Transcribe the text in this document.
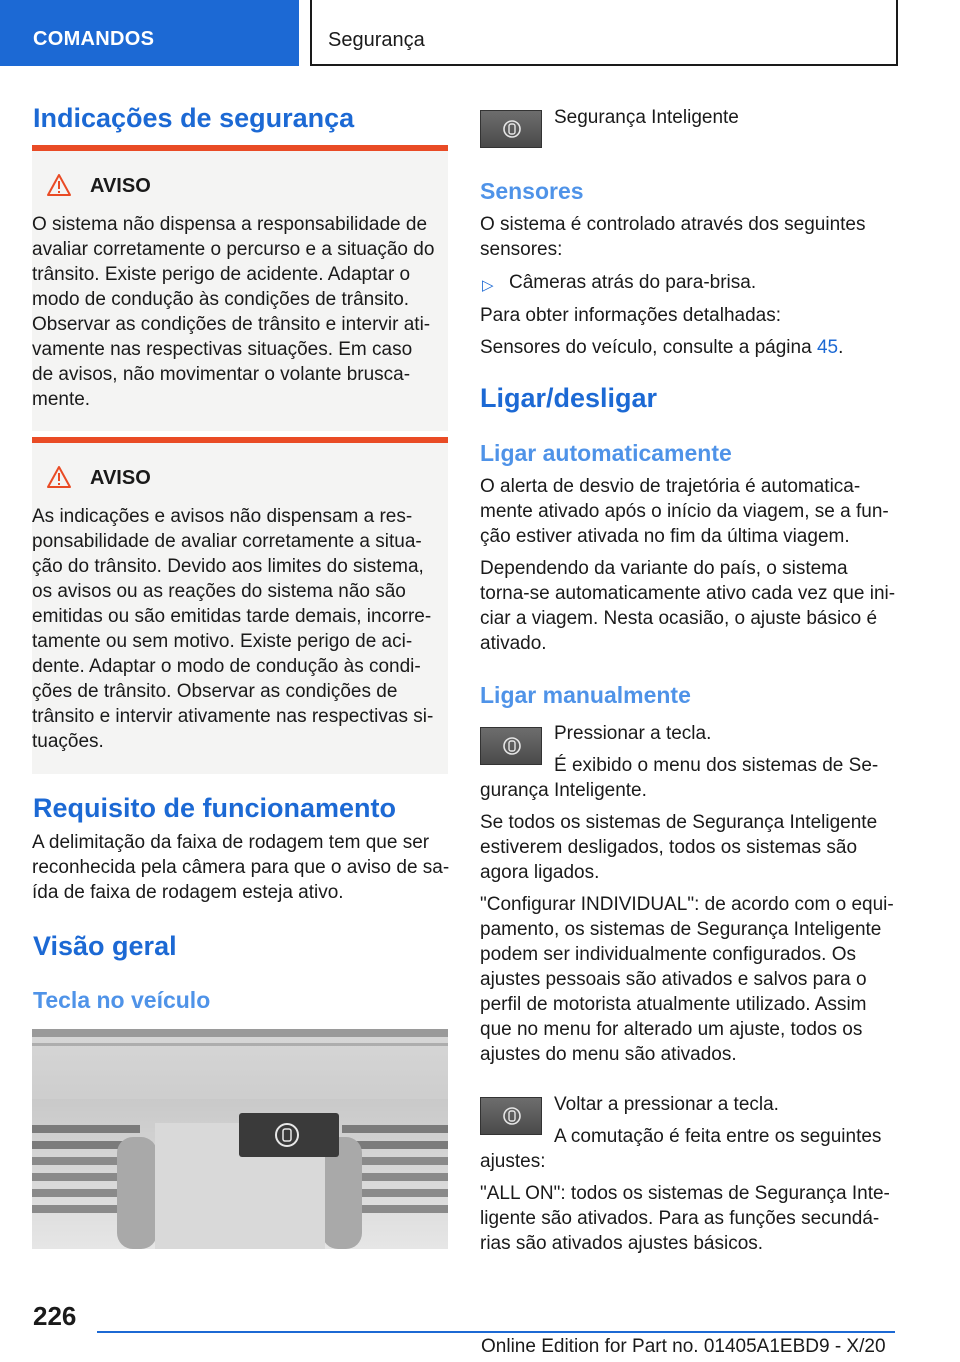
COMANDOS	Segurança
Indicações de segurança
AVISO
O sistema não dispensa a responsabilidade de
avaliar corretamente o percurso e a situação do
trânsito. Existe perigo de acidente. Adaptar o
modo de condução às condições de trânsito.
Observar as condições de trânsito e intervir ati‐
vamente nas respectivas situações. Em caso
de avisos, não movimentar o volante brusca‐
mente.
AVISO
As indicações e avisos não dispensam a res‐
ponsabilidade de avaliar corretamente a situa‐
ção do trânsito. Devido aos limites do sistema,
os avisos ou as reações do sistema não são
emitidas ou são emitidas tarde demais, incorre‐
tamente ou sem motivo. Existe perigo de aci‐
dente. Adaptar o modo de condução às condi‐
ções de trânsito. Observar as condições de
trânsito e intervir ativamente nas respectivas si‐
tuações.
Requisito de funcionamento
A delimitação da faixa de rodagem tem que ser
reconhecida pela câmera para que o aviso de sa‐
ída de faixa de rodagem esteja ativo.
Visão geral
Tecla no veículo
Segurança Inteligente
Sensores
O sistema é controlado através dos seguintes
sensores:
▷ Câmeras atrás do para-brisa.
Para obter informações detalhadas:
Sensores do veículo, consulte a página 45.
Ligar/desligar
Ligar automaticamente
O alerta de desvio de trajetória é automatica‐
mente ativado após o início da viagem, se a fun‐
ção estiver ativada no fim da última viagem.
Dependendo da variante do país, o sistema
torna-se automaticamente ativo cada vez que ini‐
ciar a viagem. Nesta ocasião, o ajuste básico é
ativado.
Ligar manualmente
Pressionar a tecla.
É exibido o menu dos sistemas de Se‐
gurança Inteligente.
Se todos os sistemas de Segurança Inteligente
estiverem desligados, todos os sistemas são
agora ligados.
"Configurar INDIVIDUAL": de acordo com o equi‐
pamento, os sistemas de Segurança Inteligente
podem ser individualmente configurados. Os
ajustes pessoais são ativados e salvos para o
perfil de motorista atualmente utilizado. Assim
que no menu for alterado um ajuste, todos os
ajustes do menu são ativados.
Voltar a pressionar a tecla.
A comutação é feita entre os seguintes
ajustes:
"ALL ON": todos os sistemas de Segurança Inte‐
ligente são ativados. Para as funções secundá‐
rias são ativados ajustes básicos.
226
Online Edition for Part no. 01405A1EBD9 - X/20
